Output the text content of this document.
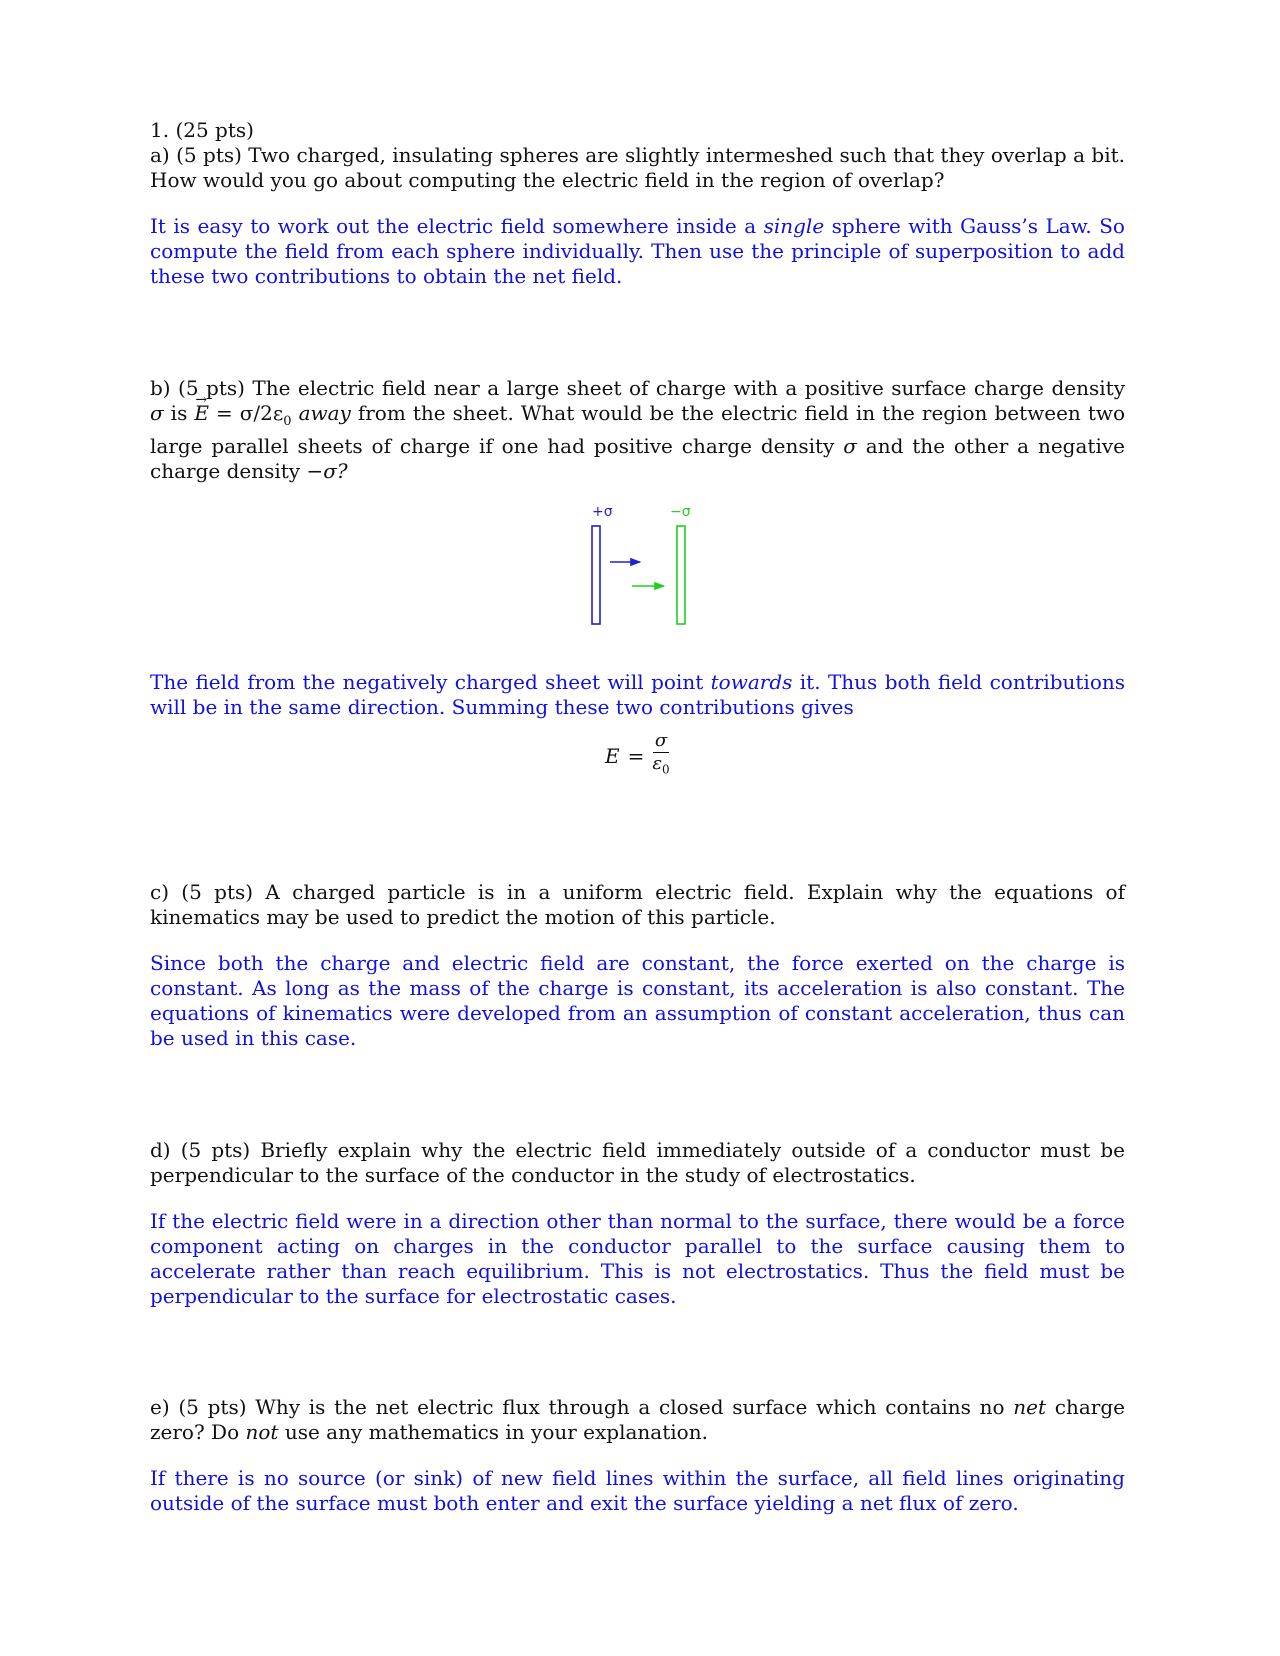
1. (25 pts)

a) (5 pts) Two charged, insulating spheres are slightly intermeshed such that they overlap a bit. How would you go about computing the electric field in the region of overlap?

It is easy to work out the electric field somewhere inside a single sphere with Gauss’s Law. So compute the field from each sphere individually. Then use the principle of superposition to add these two contributions to obtain the net field.

b) (5 pts) The electric field near a large sheet of charge with a positive surface charge density σ is → $E = \sigma/2\varepsilon_0$ away from the sheet. What would be the electric field in the region between two large parallel sheets of charge if one had positive charge density σ and the other a negative charge density −σ?

+σ	−σ

The field from the negatively charged sheet will point towards it. Thus both field contributions will be in the same direction. Summing these two contributions gives

$E = \frac{\sigma}{\varepsilon_0}$

c) (5 pts) A charged particle is in a uniform electric field. Explain why the equations of kinematics may be used to predict the motion of this particle.

Since both the charge and electric field are constant, the force exerted on the charge is constant. As long as the mass of the charge is constant, its acceleration is also constant. The equations of kinematics were developed from an assumption of constant acceleration, thus can be used in this case.

d) (5 pts) Briefly explain why the electric field immediately outside of a conductor must be perpendicular to the surface of the conductor in the study of electrostatics.

If the electric field were in a direction other than normal to the surface, there would be a force component acting on charges in the conductor parallel to the surface causing them to accelerate rather than reach equilibrium. This is not electrostatics. Thus the field must be perpendicular to the surface for electrostatic cases.

e) (5 pts) Why is the net electric flux through a closed surface which contains no net charge zero? Do not use any mathematics in your explanation.

If there is no source (or sink) of new field lines within the surface, all field lines originating outside of the surface must both enter and exit the surface yielding a net flux of zero.
